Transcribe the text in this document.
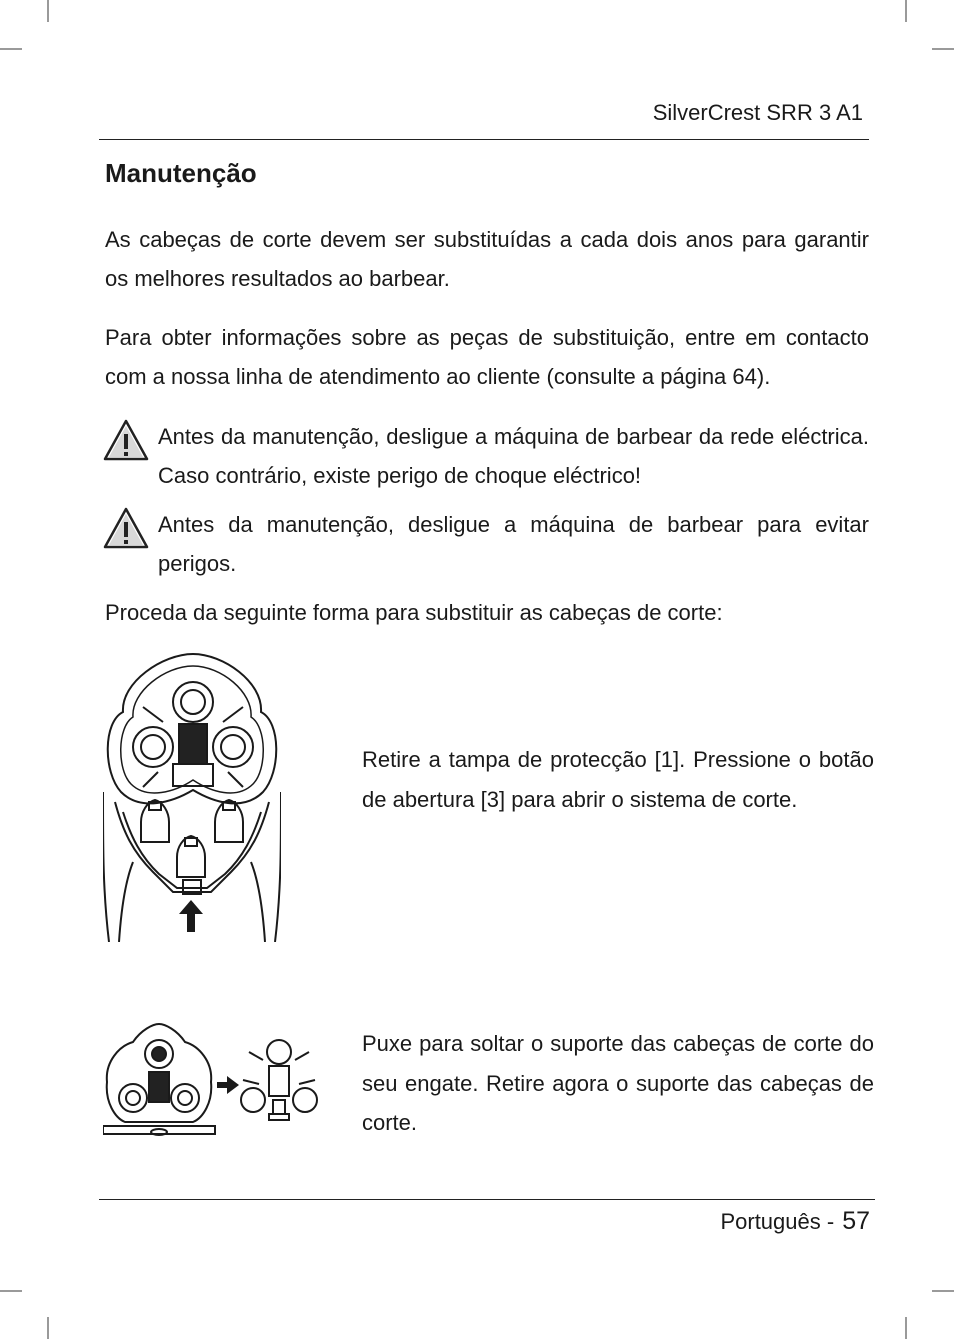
SilverCrest SRR 3 A1
Manutenção

As cabeças de corte devem ser substituídas a cada dois anos para garantir os melhores resultados ao barbear.

Para obter informações sobre as peças de substituição, entre em contacto com a nossa linha de atendimento ao cliente (consulte a página 64).

Antes da manutenção, desligue a máquina de barbear da rede eléctrica. Caso contrário, existe perigo de choque eléctrico!

Antes da manutenção, desligue a máquina de barbear para evitar perigos.

Proceda da seguinte forma para substituir as cabeças de corte:

Retire a tampa de protecção [1]. Pressione o botão de abertura [3] para abrir o sistema de corte.

Puxe para soltar o suporte das cabeças de corte do seu engate. Retire agora o suporte das cabeças de corte.

Português - 57
